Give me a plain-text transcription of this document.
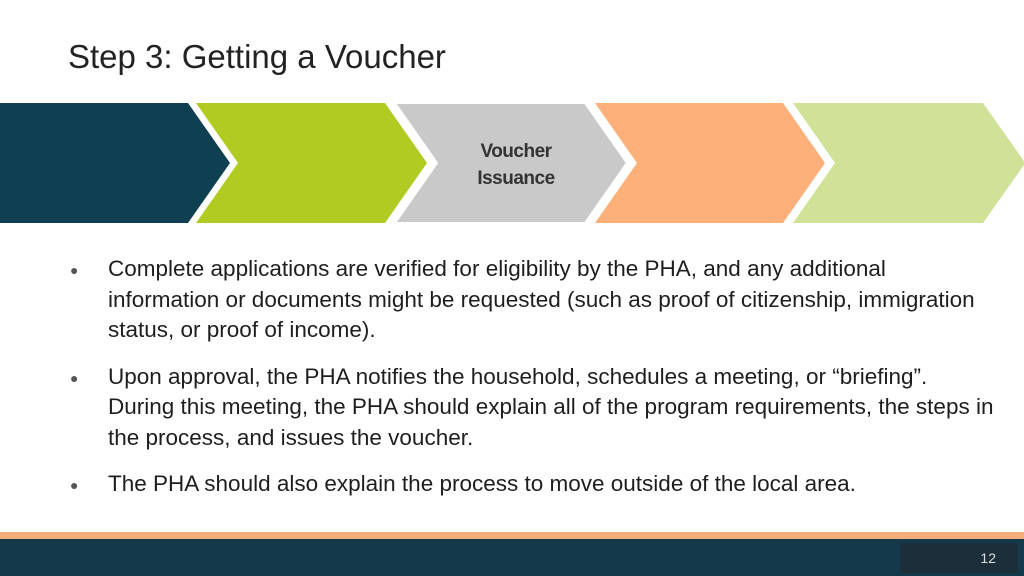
Step 3: Getting a Voucher
Voucher
Issuance
● Complete applications are verified for eligibility by the PHA, and any additional information or documents might be requested (such as proof of citizenship, immigration status, or proof of income).
● Upon approval, the PHA notifies the household, schedules a meeting, or “briefing”. During this meeting, the PHA should explain all of the program requirements, the steps in the process, and issues the voucher.
● The PHA should also explain the process to move outside of the local area.
12
